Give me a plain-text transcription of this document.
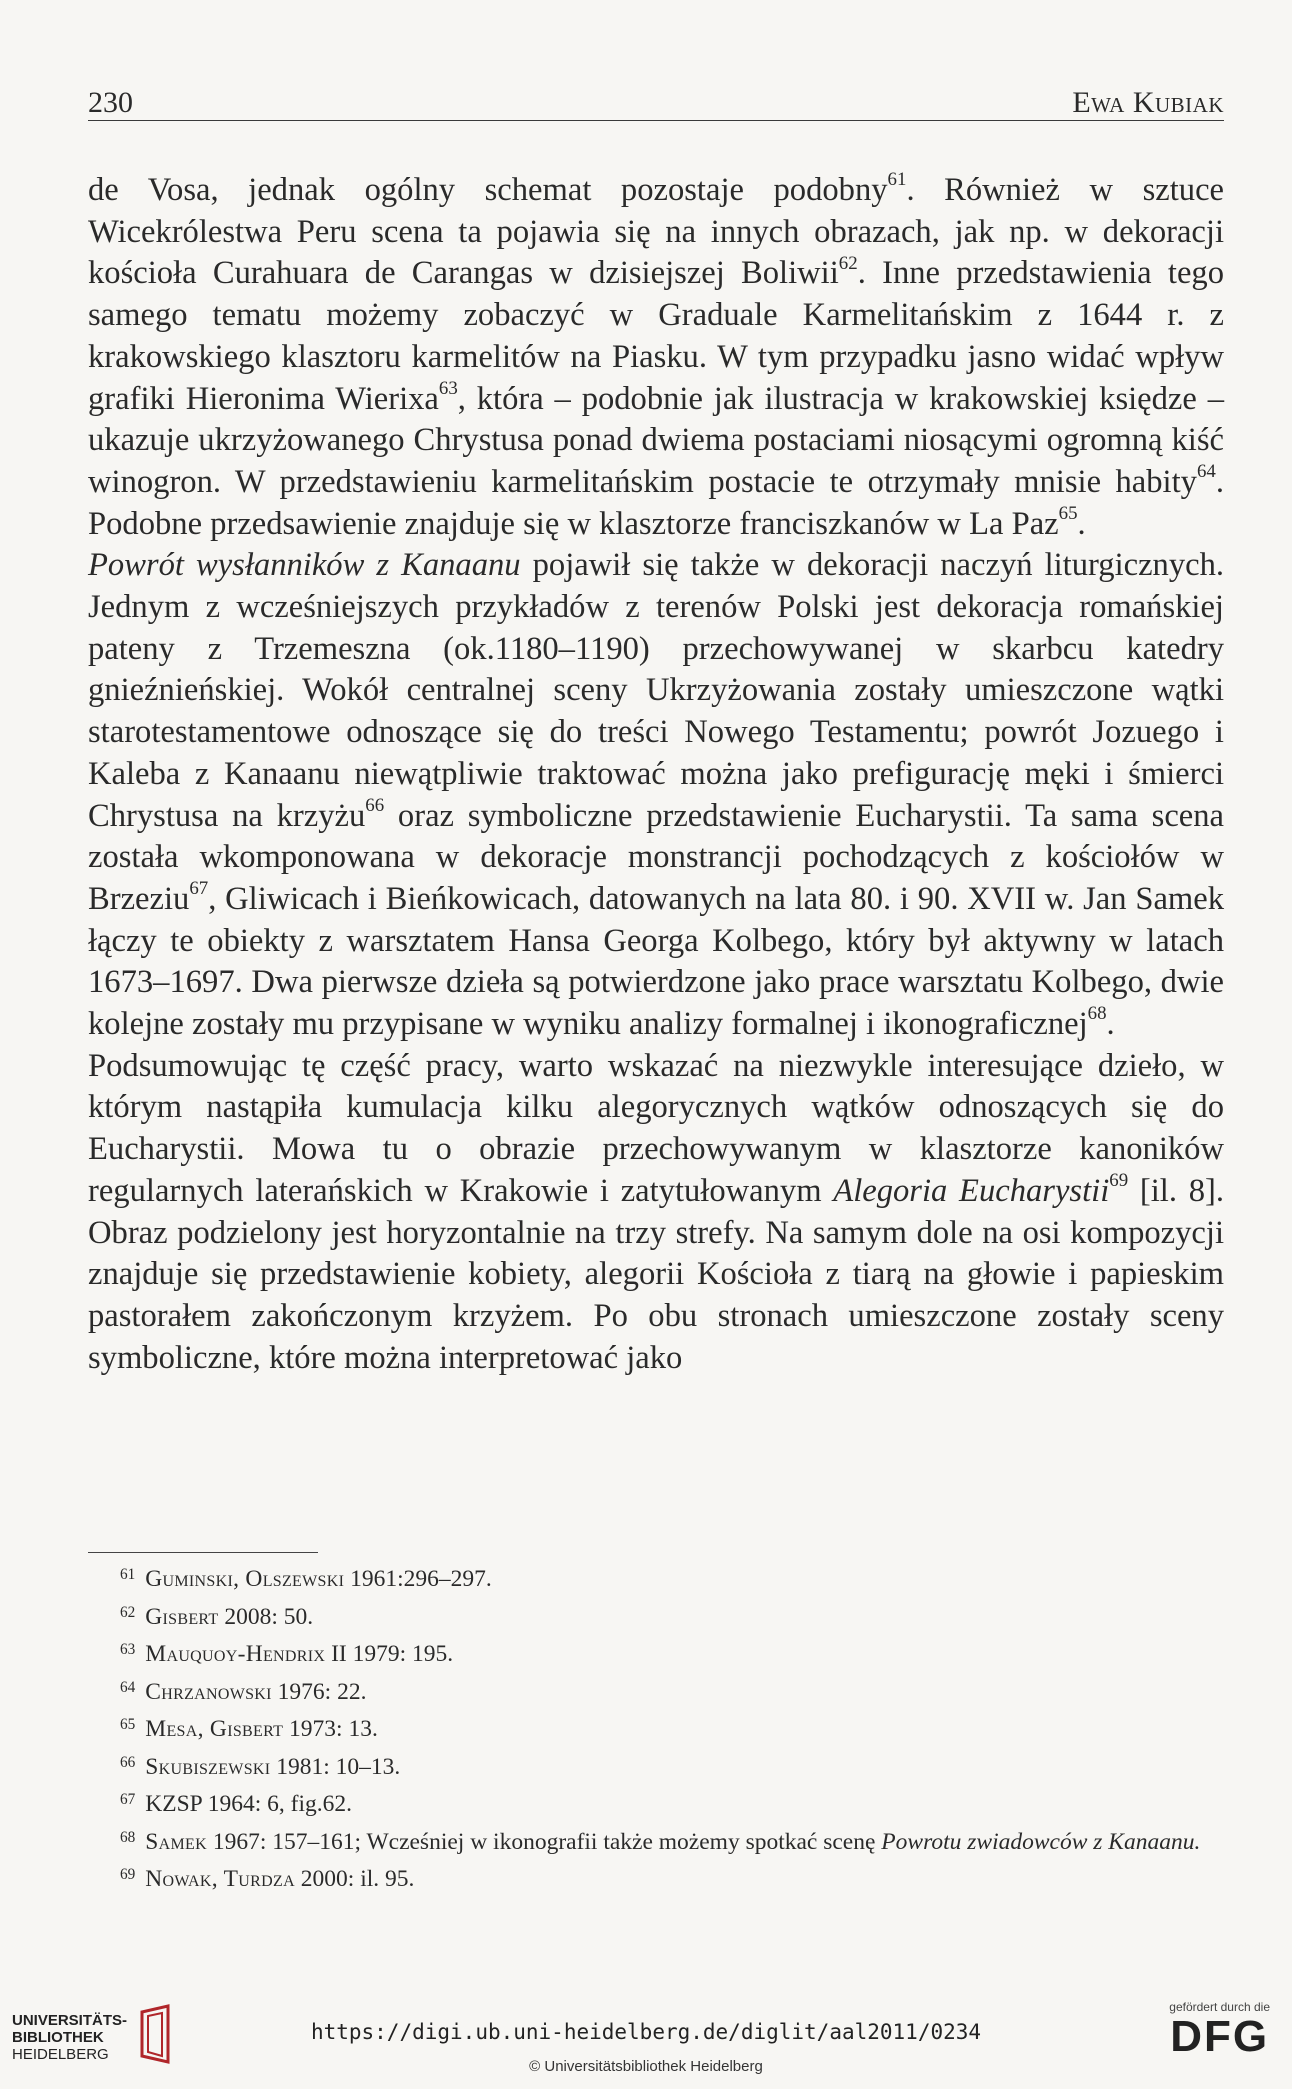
230	Ewa Kubiak

de Vosa, jednak ogólny schemat pozostaje podobny$^{61}$. Również w sztuce Wicekrólestwa Peru scena ta pojawia się na innych obrazach, jak np. w dekoracji kościoła Curahuara de Carangas w dzisiejszej Boliwii$^{62}$. Inne przedstawienia tego samego tematu możemy zobaczyć w Graduale Karmelitańskim z 1644 r. z krakowskiego klasztoru karmelitów na Piasku. W tym przypadku jasno widać wpływ grafiki Hieronima Wierixa$^{63}$, która – podobnie jak ilustracja w krakowskiej księdze – ukazuje ukrzyżowanego Chrystusa ponad dwiema postaciami niosącymi ogromną kiść winogron. W przedstawieniu karmelitańskim postacie te otrzymały mnisie habity$^{64}$. Podobne przedsawienie znajduje się w klasztorze franciszkanów w La Paz$^{65}$.

Powrót wysłanników z Kanaanu pojawił się także w dekoracji naczyń liturgicznych. Jednym z wcześniejszych przykładów z terenów Polski jest dekoracja romańskiej pateny z Trzemeszna (ok.1180–1190) przechowywanej w skarbcu katedry gnieźnieńskiej. Wokół centralnej sceny Ukrzyżowania zostały umieszczone wątki starotestamentowe odnoszące się do treści Nowego Testamentu; powrót Jozuego i Kaleba z Kanaanu niewątpliwie traktować można jako prefigurację męki i śmierci Chrystusa na krzyżu$^{66}$ oraz symboliczne przedstawienie Eucharystii. Ta sama scena została wkomponowana w dekoracje monstrancji pochodzących z kościołów w Brzeziu$^{67}$, Gliwicach i Bieńkowicach, datowanych na lata 80. i 90. XVII w. Jan Samek łączy te obiekty z warsztatem Hansa Georga Kolbego, który był aktywny w latach 1673–1697. Dwa pierwsze dzieła są potwierdzone jako prace warsztatu Kolbego, dwie kolejne zostały mu przypisane w wyniku analizy formalnej i ikonograficznej$^{68}$.

Podsumowując tę część pracy, warto wskazać na niezwykle interesujące dzieło, w którym nastąpiła kumulacja kilku alegorycznych wątków odnoszących się do Eucharystii. Mowa tu o obrazie przechowywanym w klasztorze kanoników regularnych laterańskich w Krakowie i zatytułowanym Alegoria Eucharystii$^{69}$ [il. 8]. Obraz podzielony jest horyzontalnie na trzy strefy. Na samym dole na osi kompozycji znajduje się przedstawienie kobiety, alegorii Kościoła z tiarą na głowie i papieskim pastorałem zakończonym krzyżem. Po obu stronach umieszczone zostały sceny symboliczne, które można interpretować jako

$^{61}$ Guminski, Olszewski 1961:296–297.

$^{62}$ Gisbert 2008: 50.

$^{63}$ Mauquoy-Hendrix II 1979: 195.

$^{64}$ Chrzanowski 1976: 22.

$^{65}$ Mesa, Gisbert 1973: 13.

$^{66}$ Skubiszewski 1981: 10–13.

$^{67}$ KZSP 1964: 6, fig.62.

$^{68}$ Samek 1967: 157–161; Wcześniej w ikonografii także możemy spotkać scenę Powrotu zwiadowców z Kanaanu.

$^{69}$ Nowak, Turdza 2000: il. 95.

UNIVERSITÄTS-
BIBLIOTHEK
HEIDELBERG
https://digi.ub.uni-heidelberg.de/diglit/aal2011/0234
© Universitätsbibliothek Heidelberg
gefördert durch die
DFG
